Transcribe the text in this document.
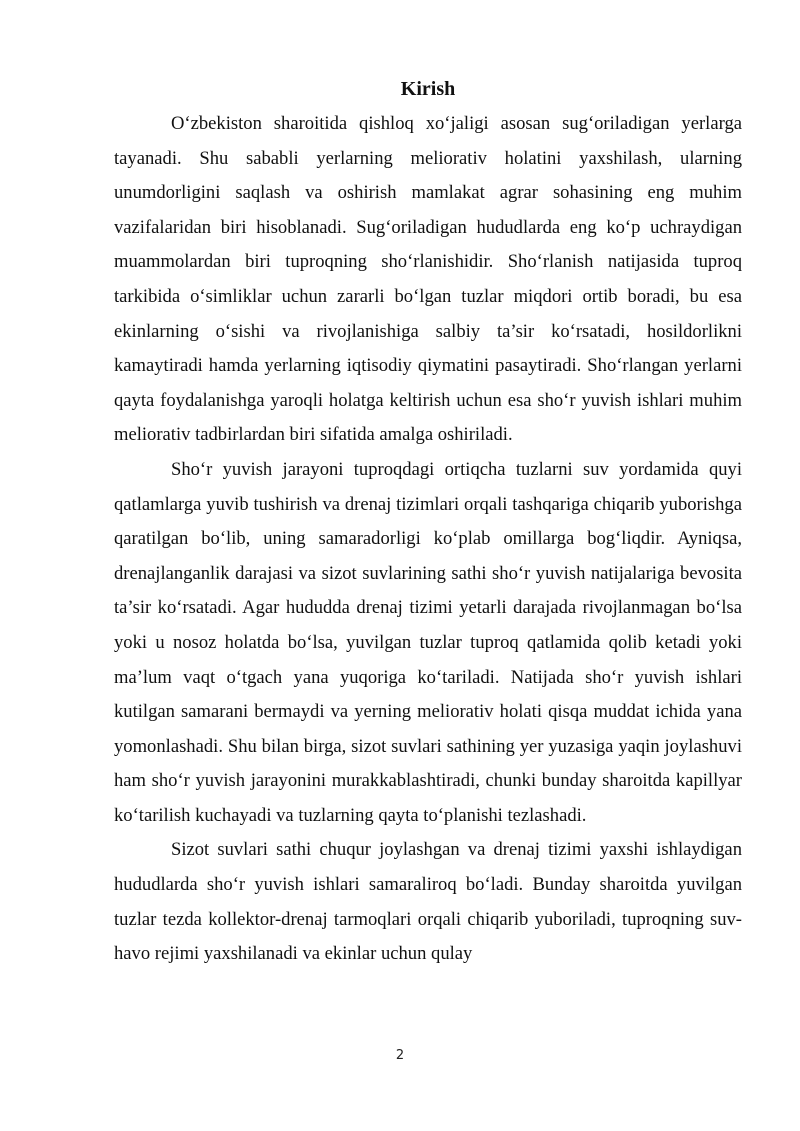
Kirish

O‘zbekiston sharoitida qishloq xo‘jaligi asosan sug‘oriladigan yerlarga tayanadi. Shu sababli yerlarning meliorativ holatini yaxshilash, ularning unumdorligini saqlash va oshirish mamlakat agrar sohasining eng muhim vazifalaridan biri hisoblanadi. Sug‘oriladigan hududlarda eng ko‘p uchraydigan muammolardan biri tuproqning sho‘rlanishidir. Sho‘rlanish natijasida tuproq tarkibida o‘simliklar uchun zararli bo‘lgan tuzlar miqdori ortib boradi, bu esa ekinlarning o‘sishi va rivojlanishiga salbiy ta’sir ko‘rsatadi, hosildorlikni kamaytiradi hamda yerlarning iqtisodiy qiymatini pasaytiradi. Sho‘rlangan yerlarni qayta foydalanishga yaroqli holatga keltirish uchun esa sho‘r yuvish ishlari muhim meliorativ tadbirlardan biri sifatida amalga oshiriladi.

Sho‘r yuvish jarayoni tuproqdagi ortiqcha tuzlarni suv yordamida quyi qatlamlarga yuvib tushirish va drenaj tizimlari orqali tashqariga chiqarib yuborishga qaratilgan bo‘lib, uning samaradorligi ko‘plab omillarga bog‘liqdir. Ayniqsa, drenajlanganlik darajasi va sizot suvlarining sathi sho‘r yuvish natijalariga bevosita ta’sir ko‘rsatadi. Agar hududda drenaj tizimi yetarli darajada rivojlanmagan bo‘lsa yoki u nosoz holatda bo‘lsa, yuvilgan tuzlar tuproq qatlamida qolib ketadi yoki ma’lum vaqt o‘tgach yana yuqoriga ko‘tariladi. Natijada sho‘r yuvish ishlari kutilgan samarani bermaydi va yerning meliorativ holati qisqa muddat ichida yana yomonlashadi. Shu bilan birga, sizot suvlari sathining yer yuzasiga yaqin joylashuvi ham sho‘r yuvish jarayonini murakkablashtiradi, chunki bunday sharoitda kapillyar ko‘tarilish kuchayadi va tuzlarning qayta to‘planishi tezlashadi.

Sizot suvlari sathi chuqur joylashgan va drenaj tizimi yaxshi ishlaydigan hududlarda sho‘r yuvish ishlari samaraliroq bo‘ladi. Bunday sharoitda yuvilgan tuzlar tezda kollektor-drenaj tarmoqlari orqali chiqarib yuboriladi, tuproqning suv-havo rejimi yaxshilanadi va ekinlar uchun qulay

2
